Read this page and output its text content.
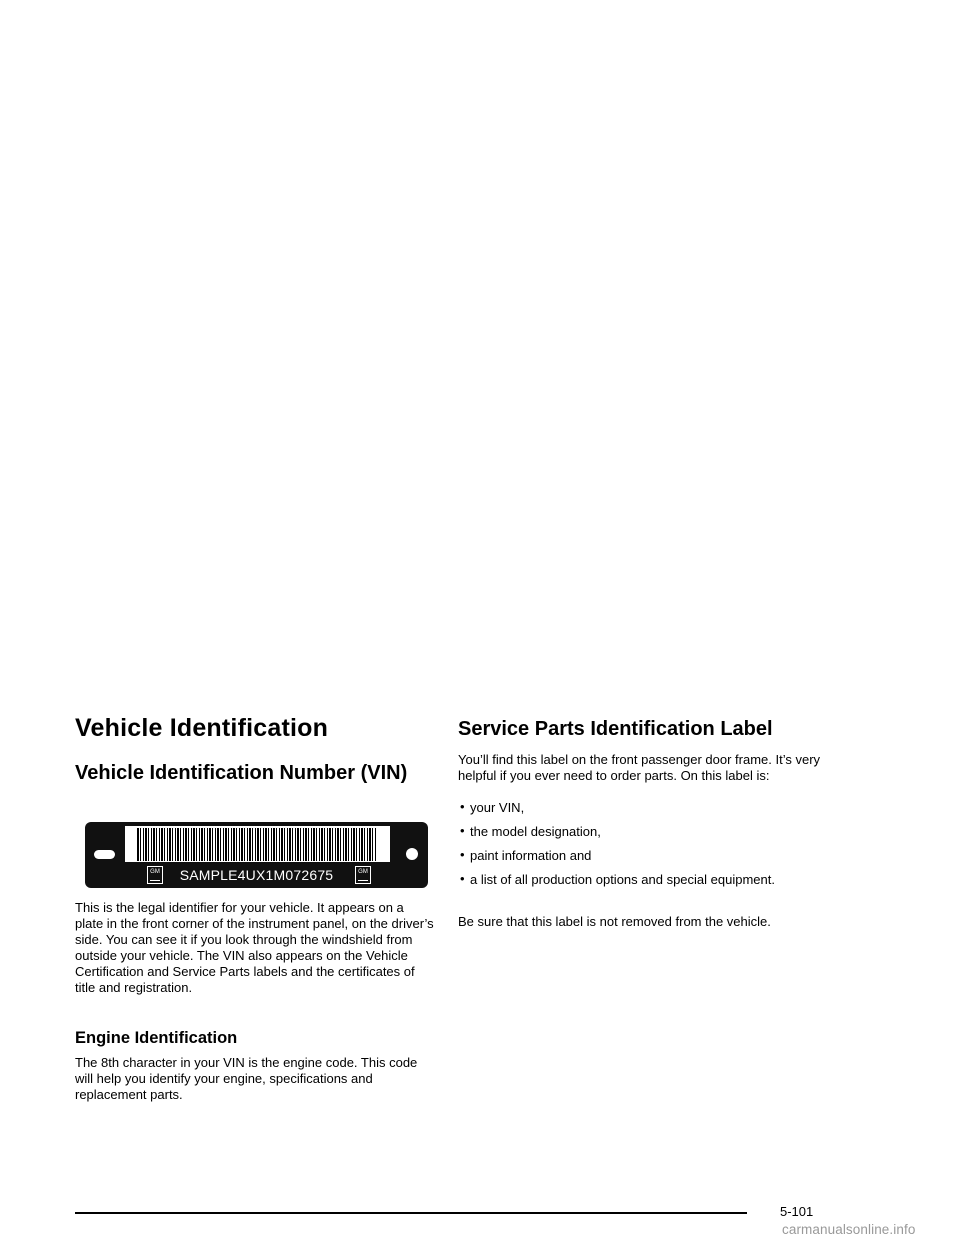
Vehicle Identification
Vehicle Identification Number (VIN)
GM	SAMPLE4UX1M072675	GM

This is the legal identifier for your vehicle. It appears on a plate in the front corner of the instrument panel, on the driver’s side. You can see it if you look through the windshield from outside your vehicle. The VIN also appears on the Vehicle Certification and Service Parts labels and the certificates of title and registration.

Engine Identification

The 8th character in your VIN is the engine code. This code will help you identify your engine, specifications and replacement parts.

Service Parts Identification Label

You’ll find this label on the front passenger door frame. It’s very helpful if you ever need to order parts. On this label is:

• your VIN,
• the model designation,
• paint information and
• a list of all production options and special equipment.

Be sure that this label is not removed from the vehicle.

5-101
carmanualsonline.info
